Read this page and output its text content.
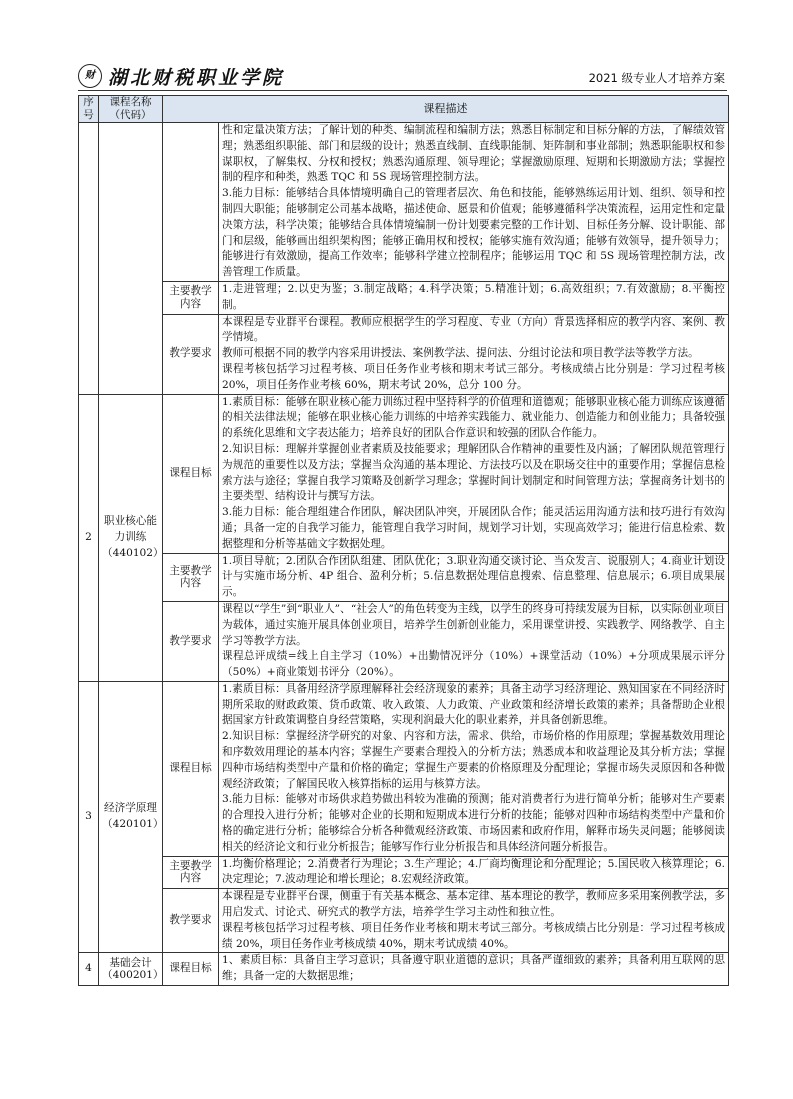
财 湖北财税职业学院	2021 级专业人才培养方案
序号	课程名称（代码）	课程描述	

			性和定量决策方法；了解计划的种类、编制流程和编制方法；熟悉目标制定和目标分解的方法，了解绩效管理；熟悉组织职能、部门和层级的设计；熟悉直线制、直线职能制、矩阵制和事业部制；熟悉职能职权和参谋职权，了解集权、分权和授权；熟悉沟通原理、领导理论；掌握激励原理、短期和长期激励方法；掌握控制的程序和种类，熟悉 TQC 和 5S 现场管理控制方法。

3.能力目标：能够结合具体情境明确自己的管理者层次、角色和技能，能够熟练运用计划、组织、领导和控制四大职能；能够制定公司基本战略，描述使命、愿景和价值观；能够遵循科学决策流程，运用定性和定量决策方法，科学决策；能够结合具体情境编制一份计划要素完整的工作计划、目标任务分解、设计职能、部门和层级，能够画出组织架构图；能够正确用权和授权；能够实施有效沟通；能够有效领导，提升领导力；能够进行有效激励，提高工作效率；能够科学建立控制程序；能够运用 TQC 和 5S 现场管理控制方法，改善管理工作质量。

		主要教学内容	1.走进管理；2.以史为鉴；3.制定战略；4.科学决策；5.精准计划；6.高效组织；7.有效激励；8.平衡控制。
		教学要求	本课程是专业群平台课程。教师应根据学生的学习程度、专业（方向）背景选择相应的教学内容、案例、教学情境。

教师可根据不同的教学内容采用讲授法、案例教学法、提问法、分组讨论法和项目教学法等教学方法。

课程考核包括学习过程考核、项目任务作业考核和期末考试三部分。考核成绩占比分别是：学习过程考核 20%，项目任务作业考核 60%，期末考试 20%，总分 100 分。

2	职业核心能力训练（440102）	课程目标	1.素质目标：能够在职业核心能力训练过程中坚持科学的价值理和道德观；能够职业核心能力训练应该遵循的相关法律法规；能够在职业核心能力训练的中培养实践能力、就业能力、创造能力和创业能力；具备较强的系统化思维和文字表达能力；培养良好的团队合作意识和较强的团队合作能力。

2.知识目标：理解并掌握创业者素质及技能要求；理解团队合作精神的重要性及内涵；了解团队规范管理行为规范的重要性以及方法；掌握当众沟通的基本理论、方法技巧以及在职场交往中的重要作用；掌握信息检索方法与途径；掌握自我学习策略及创新学习理念；掌握时间计划制定和时间管理方法；掌握商务计划书的主要类型、结构设计与撰写方法。

3.能力目标：能合理组建合作团队，解决团队冲突，开展团队合作；能灵活运用沟通方法和技巧进行有效沟通；具备一定的自我学习能力，能管理自我学习时间，规划学习计划，实现高效学习；能进行信息检索、数据整理和分析等基础文字数据处理。

		主要教学内容	1.项目导航；2.团队合作团队组建、团队优化；3.职业沟通交谈讨论、当众发言、说服别人；4.商业计划设计与实施市场分析、4P 组合、盈利分析；5.信息数据处理信息搜索、信息整理、信息展示；6.项目成果展示。
		教学要求	课程以“学生”到“职业人”、“社会人”的角色转变为主线，以学生的终身可持续发展为目标，以实际创业项目为载体，通过实施开展具体创业项目，培养学生创新创业能力，采用课堂讲授、实践教学、网络教学、自主学习等教学方法。

课程总评成绩=线上自主学习（10%）+出勤情况评分（10%）+课堂活动（10%）+分项成果展示评分（50%）+商业策划书评分（20%）。

3	经济学原理（420101）	课程目标	1.素质目标：具备用经济学原理解释社会经济现象的素养；具备主动学习经济理论、熟知国家在不同经济时期所采取的财政政策、货币政策、收入政策、人力政策、产业政策和经济增长政策的素养；具备帮助企业根据国家方针政策调整自身经营策略，实现利润最大化的职业素养，并具备创新思维。

2.知识目标：掌握经济学研究的对象、内容和方法，需求、供给，市场价格的作用原理；掌握基数效用理论和序数效用理论的基本内容；掌握生产要素合理投入的分析方法；熟悉成本和收益理论及其分析方法；掌握四种市场结构类型中产量和价格的确定；掌握生产要素的价格原理及分配理论；掌握市场失灵原因和各种微观经济政策；了解国民收入核算指标的运用与核算方法。

3.能力目标：能够对市场供求趋势做出科较为准确的预测；能对消费者行为进行简单分析；能够对生产要素的合理投入进行分析；能够对企业的长期和短期成本进行分析的技能；能够对四种市场结构类型中产量和价格的确定进行分析；能够综合分析各种微观经济政策、市场因素和政府作用，解释市场失灵问题；能够阅读相关的经济论文和行业分析报告；能够写作行业分析报告和具体经济问题分析报告。

		主要教学内容	1.均衡价格理论；2.消费者行为理论；3.生产理论；4.厂商均衡理论和分配理论；5.国民收入核算理论；6.决定理论；7.波动理论和增长理论；8.宏观经济政策。
		教学要求	本课程是专业群平台课，侧重于有关基本概念、基本定律、基本理论的教学，教师应多采用案例教学法，多用启发式、讨论式、研究式的教学方法，培养学生学习主动性和独立性。

课程考核包括学习过程考核、项目任务作业考核和期末考试三部分。考核成绩占比分别是：学习过程考核成绩 20%，项目任务作业考核成绩 40%，期末考试成绩 40%。

4	基础会计（400201）	课程目标	1、素质目标：具备自主学习意识；具备遵守职业道德的意识；具备严谨细致的素养；具备利用互联网的思维；具备一定的大数据思维；
